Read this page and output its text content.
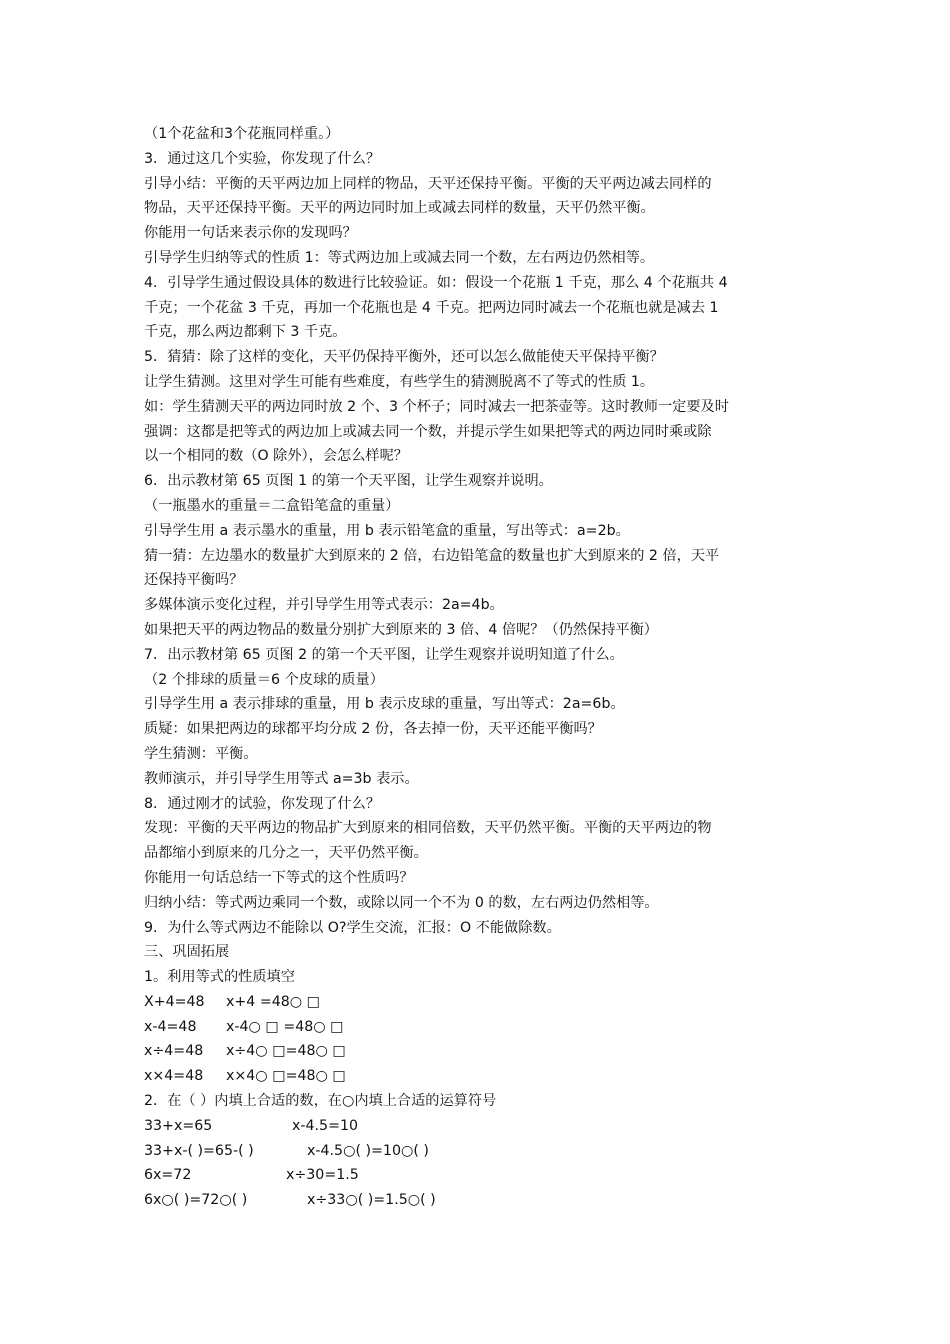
（1个花盆和3个花瓶同样重。）
3．通过这几个实验，你发现了什么？
引导小结：平衡的天平两边加上同样的物品，天平还保持平衡。平衡的天平两边减去同样的
物品，天平还保持平衡。天平的两边同时加上或减去同样的数量，天平仍然平衡。
你能用一句话来表示你的发现吗？
引导学生归纳等式的性质 1：等式两边加上或减去同一个数，左右两边仍然相等。
4．引导学生通过假设具体的数进行比较验证。如：假设一个花瓶 1 千克，那么 4 个花瓶共 4
千克；一个花盆 3 千克，再加一个花瓶也是 4 千克。把两边同时减去一个花瓶也就是减去 1
千克，那么两边都剩下 3 千克。
5．猜猜：除了这样的变化，天平仍保持平衡外，还可以怎么做能使天平保持平衡？
让学生猜测。这里对学生可能有些难度，有些学生的猜测脱离不了等式的性质 1。
如：学生猜测天平的两边同时放 2 个、3 个杯子；同时减去一把茶壶等。这时教师一定要及时
强调：这都是把等式的两边加上或减去同一个数，并提示学生如果把等式的两边同时乘或除
以一个相同的数（O 除外），会怎么样呢？
6．出示教材第 65 页图 1 的第一个天平图，让学生观察并说明。
（一瓶墨水的重量＝二盒铅笔盒的重量）
引导学生用 a 表示墨水的重量，用 b 表示铅笔盒的重量，写出等式：a=2b。
猜一猜：左边墨水的数量扩大到原来的 2 倍，右边铅笔盒的数量也扩大到原来的 2 倍，天平
还保持平衡吗？
多媒体演示变化过程，并引导学生用等式表示：2a=4b。
如果把天平的两边物品的数量分别扩大到原来的 3 倍、4 倍呢？（仍然保持平衡）
7．出示教材第 65 页图 2 的第一个天平图，让学生观察并说明知道了什么。
（2 个排球的质量＝6 个皮球的质量）
引导学生用 a 表示排球的重量，用 b 表示皮球的重量，写出等式：2a=6b。
质疑：如果把两边的球都平均分成 2 份，各去掉一份，天平还能平衡吗？
学生猜测：平衡。
教师演示，并引导学生用等式 a=3b 表示。
8．通过刚才的试验，你发现了什么？
发现：平衡的天平两边的物品扩大到原来的相同倍数，天平仍然平衡。平衡的天平两边的物
品都缩小到原来的几分之一，天平仍然平衡。
你能用一句话总结一下等式的这个性质吗？
归纳小结：等式两边乘同一个数，或除以同一个不为 0 的数，左右两边仍然相等。
9．为什么等式两边不能除以 O?学生交流，汇报：O 不能做除数。
三、巩固拓展
1。利用等式的性质填空
X+4=48	x+4 =48○ □
x-4=48	x-4○ □ =48○ □
x÷4=48	x÷4○ □=48○ □
x×4=48	x×4○ □=48○ □
2．在（ ）内填上合适的数，在○内填上合适的运算符号
33+x=65	x-4.5=10
33+x-( )=65-( )	x-4.5○( )=10○( )
6x=72	x÷30=1.5
6x○( )=72○( )	x÷33○( )=1.5○( )
